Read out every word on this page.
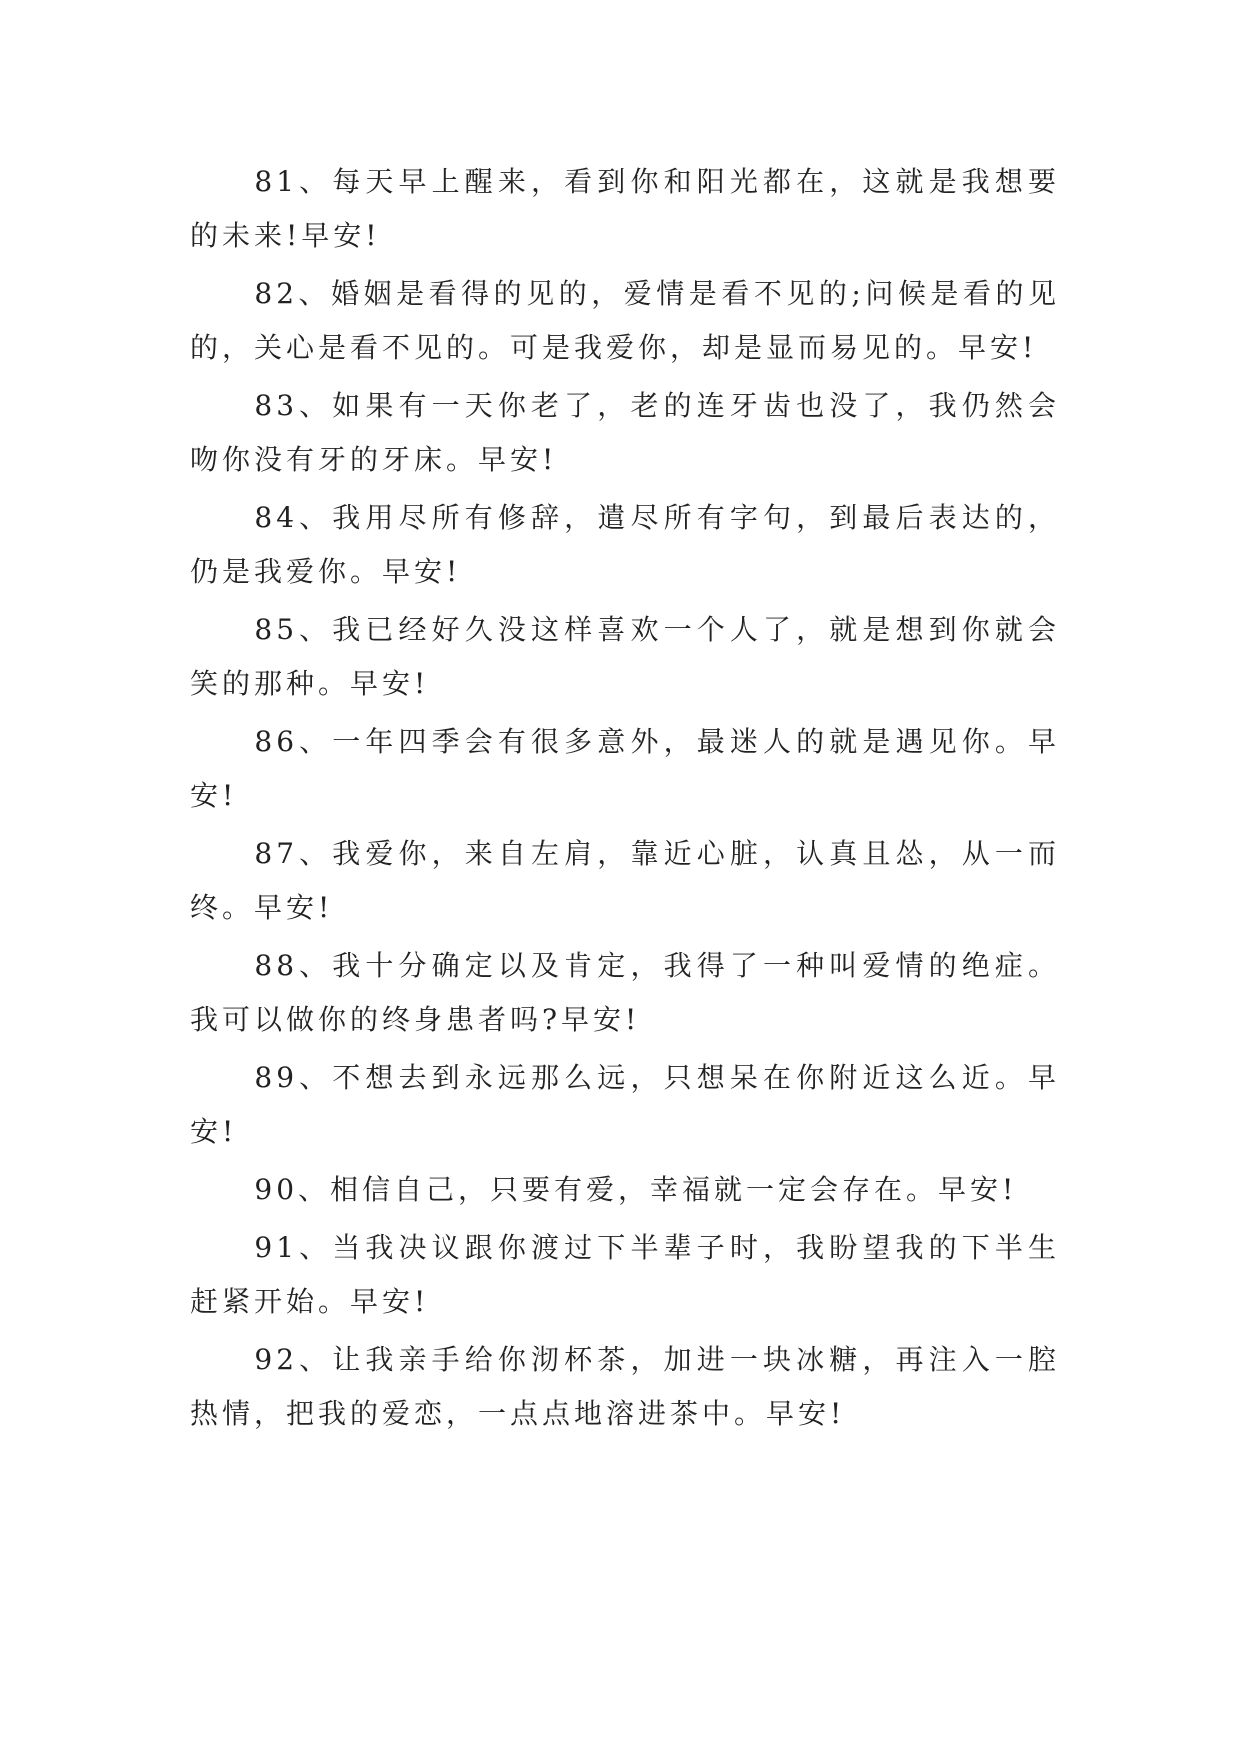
81、每天早上醒来，看到你和阳光都在，这就是我想要的未来!早安!

82、婚姻是看得的见的，爱情是看不见的;问候是看的见的，关心是看不见的。可是我爱你，却是显而易见的。早安!

83、如果有一天你老了，老的连牙齿也没了，我仍然会吻你没有牙的牙床。早安!

84、我用尽所有修辞，遣尽所有字句，到最后表达的，仍是我爱你。早安!

85、我已经好久没这样喜欢一个人了，就是想到你就会笑的那种。早安!

86、一年四季会有很多意外，最迷人的就是遇见你。早安!

87、我爱你，来自左肩，靠近心脏，认真且怂，从一而终。早安!

88、我十分确定以及肯定，我得了一种叫爱情的绝症。我可以做你的终身患者吗?早安!

89、不想去到永远那么远，只想呆在你附近这么近。早安!

90、相信自己，只要有爱，幸福就一定会存在。早安!

91、当我决议跟你渡过下半辈子时，我盼望我的下半生赶紧开始。早安!

92、让我亲手给你沏杯茶，加进一块冰糖，再注入一腔热情，把我的爱恋，一点点地溶进茶中。早安!
